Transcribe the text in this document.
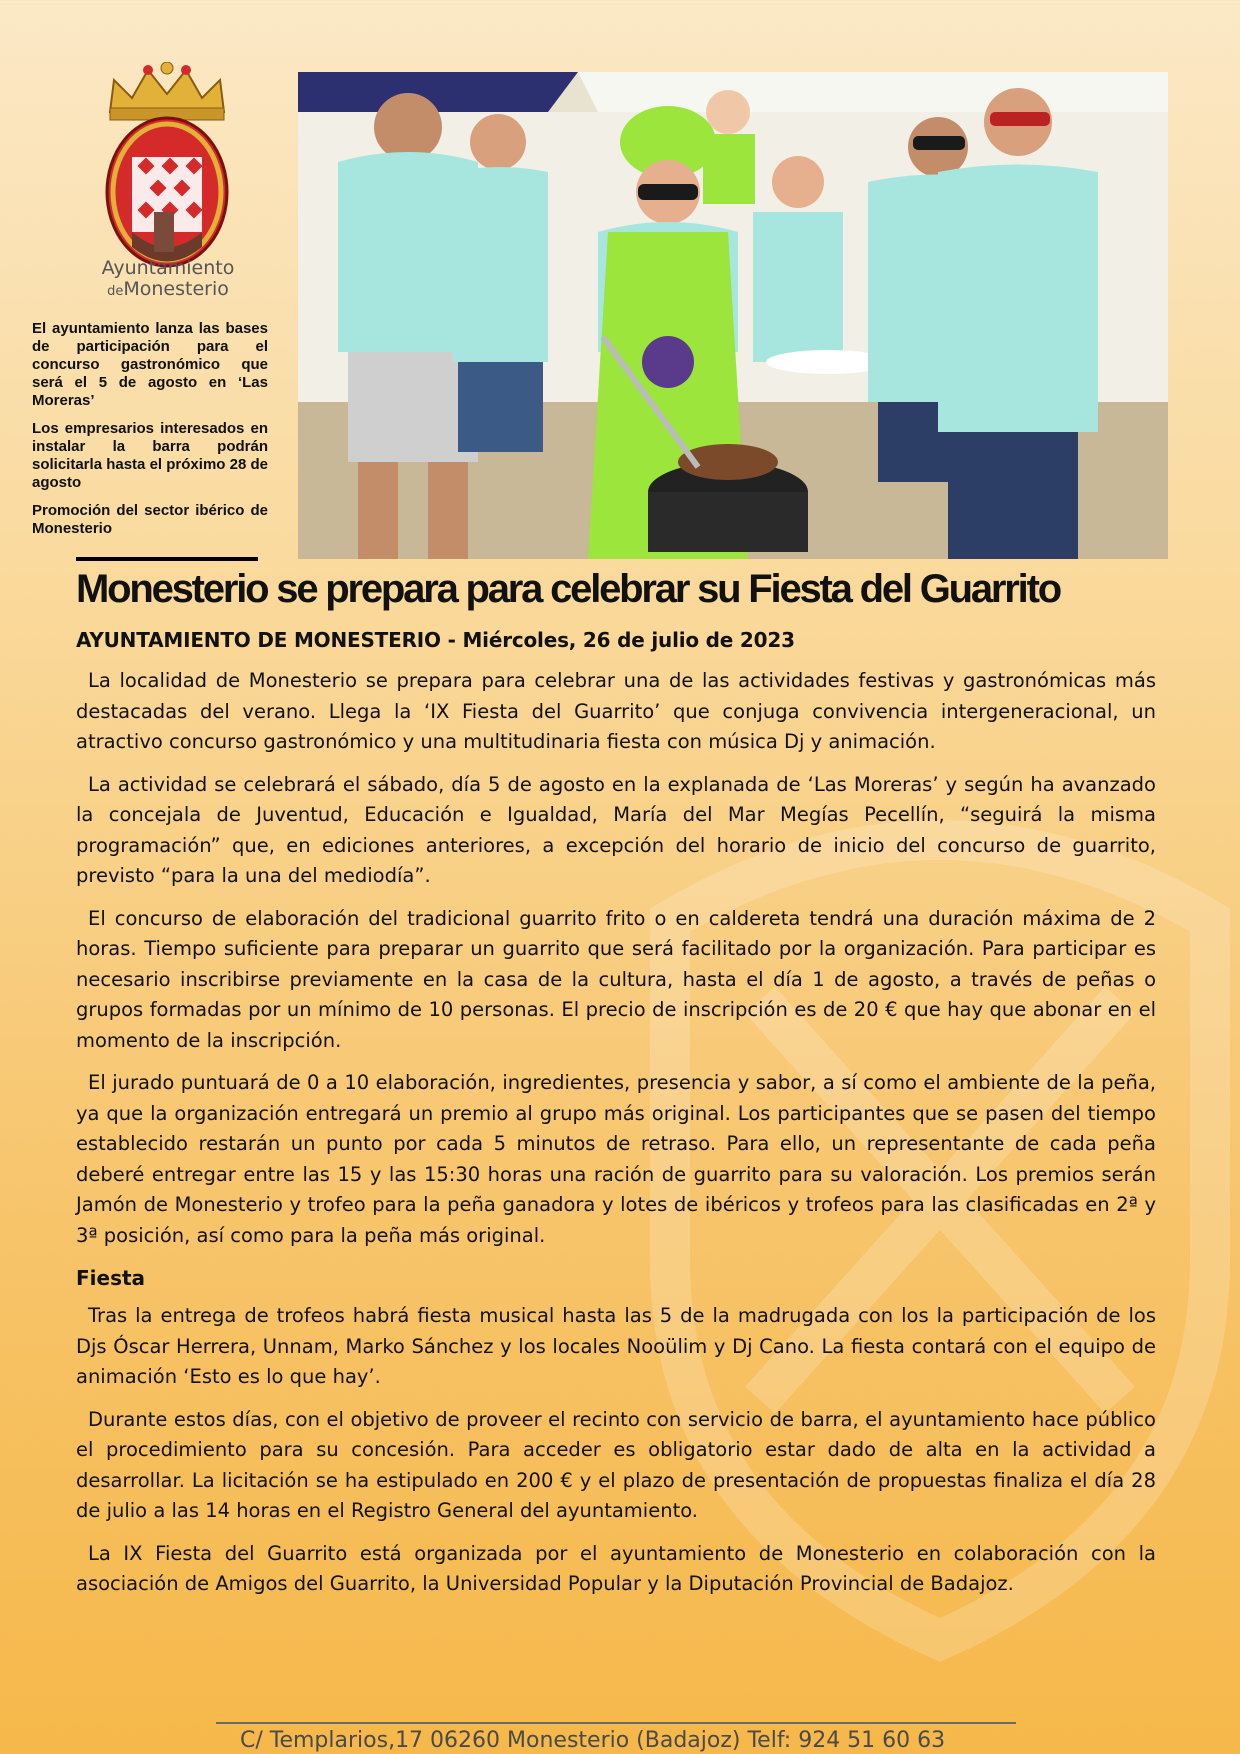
Ayuntamiento
deMonesterio

El ayuntamiento lanza las bases de participación para el concurso gastronómico que será el 5 de agosto en ‘Las Moreras’

Los empresarios interesados en instalar la barra podrán solicitarla hasta el próximo 28 de agosto

Promoción del sector ibérico de Monesterio

Monesterio se prepara para celebrar su Fiesta del Guarrito

AYUNTAMIENTO DE MONESTERIO - Miércoles, 26 de julio de 2023

La localidad de Monesterio se prepara para celebrar una de las actividades festivas y gastronómicas más destacadas del verano. Llega la ‘IX Fiesta del Guarrito’ que conjuga convivencia intergeneracional, un atractivo concurso gastronómico y una multitudinaria fiesta con música Dj y animación.

La actividad se celebrará el sábado, día 5 de agosto en la explanada de ‘Las Moreras’ y según ha avanzado la concejala de Juventud, Educación e Igualdad, María del Mar Megías Pecellín, “seguirá la misma programación” que, en ediciones anteriores, a excepción del horario de inicio del concurso de guarrito, previsto “para la una del mediodía”.

El concurso de elaboración del tradicional guarrito frito o en caldereta tendrá una duración máxima de 2 horas. Tiempo suficiente para preparar un guarrito que será facilitado por la organización. Para participar es necesario inscribirse previamente en la casa de la cultura, hasta el día 1 de agosto, a través de peñas o grupos formadas por un mínimo de 10 personas. El precio de inscripción es de 20 € que hay que abonar en el momento de la inscripción.

El jurado puntuará de 0 a 10 elaboración, ingredientes, presencia y sabor, a sí como el ambiente de la peña, ya que la organización entregará un premio al grupo más original. Los participantes que se pasen del tiempo establecido restarán un punto por cada 5 minutos de retraso. Para ello, un representante de cada peña deberé entregar entre las 15 y las 15:30 horas una ración de guarrito para su valoración. Los premios serán Jamón de Monesterio y trofeo para la peña ganadora y lotes de ibéricos y trofeos para las clasificadas en 2ª y 3ª posición, así como para la peña más original.

Fiesta

Tras la entrega de trofeos habrá fiesta musical hasta las 5 de la madrugada con los la participación de los Djs Óscar Herrera, Unnam, Marko Sánchez y los locales Nooülim y Dj Cano. La fiesta contará con el equipo de animación ‘Esto es lo que hay’.

Durante estos días, con el objetivo de proveer el recinto con servicio de barra, el ayuntamiento hace público el procedimiento para su concesión. Para acceder es obligatorio estar dado de alta en la actividad a desarrollar. La licitación se ha estipulado en 200 € y el plazo de presentación de propuestas finaliza el día 28 de julio a las 14 horas en el Registro General del ayuntamiento.

La IX Fiesta del Guarrito está organizada por el ayuntamiento de Monesterio en colaboración con la asociación de Amigos del Guarrito, la Universidad Popular y la Diputación Provincial de Badajoz.

C/ Templarios,17 06260 Monesterio (Badajoz) Telf: 924 51 60 63
